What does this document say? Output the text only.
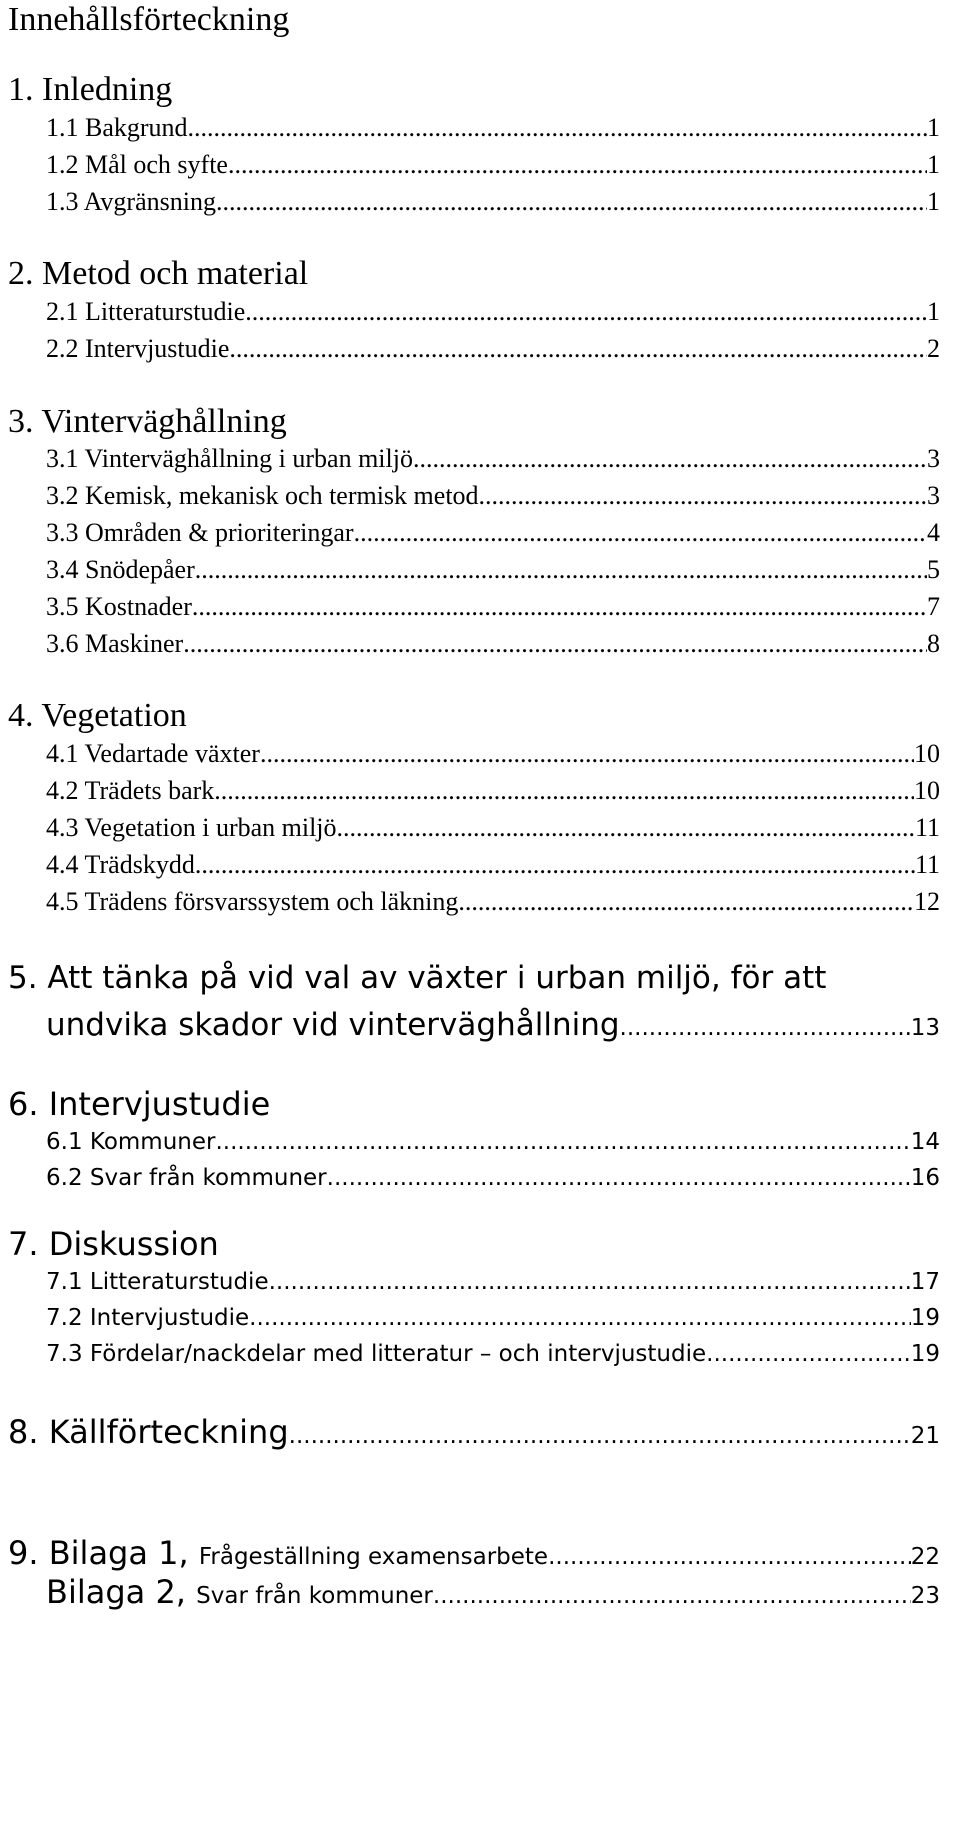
Innehållsförteckning
1. Inledning
1.1 Bakgrund .....	1
1.2 Mål och syfte .....	1
1.3 Avgränsning .....	1
2. Metod och material
2.1 Litteraturstudie .....	1
2.2 Intervjustudie .....	2
3. Vinterväghållning
3.1 Vinterväghållning i urban miljö .....	3
3.2 Kemisk, mekanisk och termisk metod .....	3
3.3 Områden & prioriteringar .....	4
3.4 Snödepåer .....	5
3.5 Kostnader .....	7
3.6 Maskiner .....	8
4. Vegetation
4.1 Vedartade växter .....	10
4.2 Trädets bark .....	10
4.3 Vegetation i urban miljö .....	11
4.4 Trädskydd .....	11
4.5 Trädens försvarssystem och läkning .....	12
5. Att tänka på vid val av växter i urban miljö, för att
undvika skador vid vinterväghållning .....	13
6. Intervjustudie
6.1 Kommuner .....	14
6.2 Svar från kommuner .....	16
7. Diskussion
7.1 Litteraturstudie .....	17
7.2 Intervjustudie .....	19
7.3 Fördelar/nackdelar med litteratur – och intervjustudie .....	19
8. Källförteckning .....	21
9. Bilaga 1, Frågeställning examensarbete .....	22
Bilaga 2, Svar från kommuner .....	23
